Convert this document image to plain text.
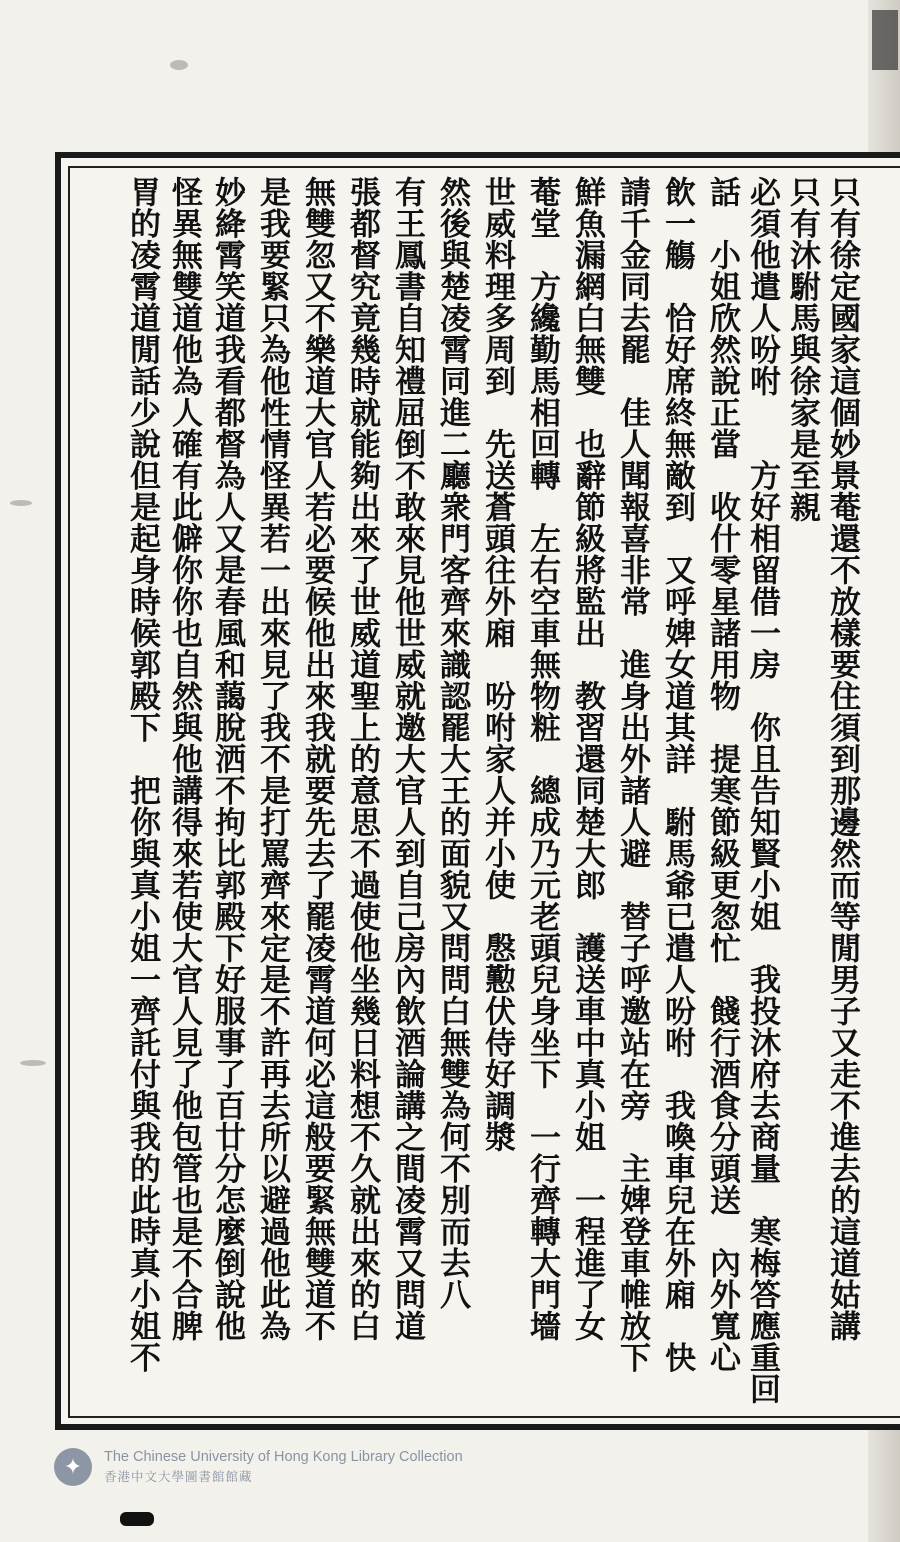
只有徐定國家這個妙景菴還不放樣要住須到那邊然而等閒男子又走不進去的這道姑講
只有沐駙馬與徐家是至親
必須他遣人吩咐　　方好相留借一房　你且告知賢小姐　我投沐府去商量　寒梅答應重回
話　小姐欣然說正當　收什零星諸用物　提寒節級更怱忙　餞行酒食分頭送　內外寬心
飲一觴　恰好席終無敵到　又呼婢女道其詳　駙馬爺已遣人吩咐　我喚車兒在外廂　快
請千金同去罷　佳人聞報喜非常　進身出外諸人避　替子呼邀站在旁　主婢登車帷放下
鮮魚漏網白無雙　也辭節級將監出　教習還同楚大郎　護送車中真小姐　一程進了女
菴堂　方纔勤馬相回轉　左右空車無物粧　總成乃元老頭兒身坐下　一行齊轉大門墻
世威料理多周到　先送蒼頭往外廂　吩咐家人并小使　慇懃伏侍好調漿
然後與楚凌霄同進二廳衆門客齊來識認罷大王的面貌又問問白無雙為何不別而去八
有王鳳書自知禮屈倒不敢來見他世威就邀大官人到自己房內飲酒論講之間凌霄又問道
張都督究竟幾時就能夠出來了世威道聖上的意思不過使他坐幾日料想不久就出來的白
無雙忽又不樂道大官人若必要候他出來我就要先去了罷凌霄道何必這般要緊無雙道不
是我要緊只為他性情怪異若一出來見了我不是打罵齊來定是不許再去所以避過他此為
妙絳霄笑道我看都督為人又是春風和藹脫洒不拘比郭殿下好服事了百廿分怎麼倒說他
怪異無雙道他為人確有此僻你你也自然與他講得來若使大官人見了他包管也是不合脾
胃的凌霄道閒話少說但是起身時候郭殿下　把你與真小姐一齊託付與我的此時真小姐不
✦	The Chinese University of Hong Kong Library Collection
香港中文大學圖書館館藏
